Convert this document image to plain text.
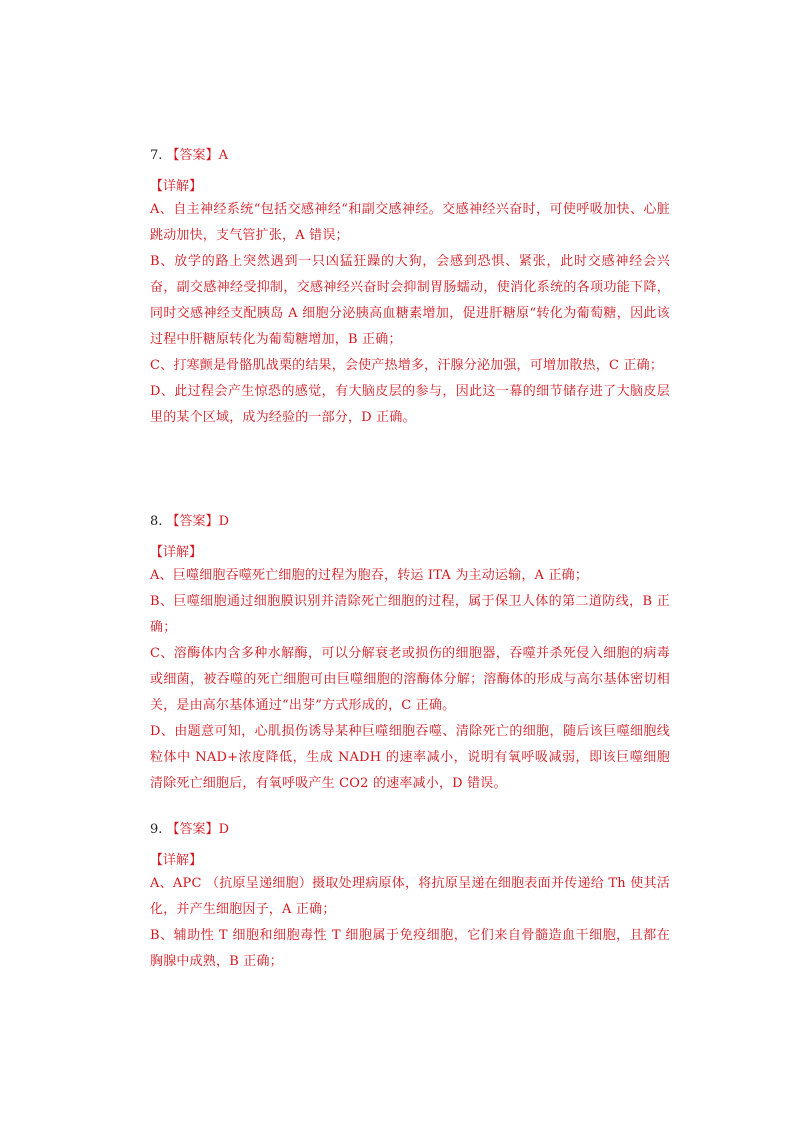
7. 【答案】A

【详解】

A、自主神经系统“包括交感神经“和副交感神经。交感神经兴奋时，可使呼吸加快、心脏跳动加快，支气管扩张，A 错误；

B、放学的路上突然遇到一只凶猛狂躁的大狗，会感到恐惧、紧张，此时交感神经会兴奋，副交感神经受抑制，交感神经兴奋时会抑制胃肠蠕动，使消化系统的各项功能下降，同时交感神经支配胰岛 A 细胞分泌胰高血糖素增加，促进肝糖原“转化为葡萄糖，因此该过程中肝糖原转化为葡萄糖增加，B 正确；

C、打寒颤是骨骼肌战栗的结果，会使产热增多，汗腺分泌加强，可增加散热，C 正确；

D、此过程会产生惊恐的感觉，有大脑皮层的参与，因此这一幕的细节储存进了大脑皮层里的某个区域，成为经验的一部分，D 正确。

8. 【答案】D

【详解】

A、巨噬细胞吞噬死亡细胞的过程为胞吞，转运 ITA 为主动运输，A 正确；

B、巨噬细胞通过细胞膜识别并清除死亡细胞的过程，属于保卫人体的第二道防线，B 正确；

C、溶酶体内含多种水解酶，可以分解衰老或损伤的细胞器，吞噬并杀死侵入细胞的病毒或细菌，被吞噬的死亡细胞可由巨噬细胞的溶酶体分解；溶酶体的形成与高尔基体密切相关，是由高尔基体通过“出芽”方式形成的，C 正确。

D、由题意可知，心肌损伤诱导某种巨噬细胞吞噬、清除死亡的细胞，随后该巨噬细胞线粒体中 NAD+浓度降低，生成 NADH 的速率减小，说明有氧呼吸减弱，即该巨噬细胞清除死亡细胞后，有氧呼吸产生 CO2 的速率减小，D 错误。

9. 【答案】D

【详解】

A、APC （抗原呈递细胞）摄取处理病原体，将抗原呈递在细胞表面并传递给 Th 使其活化，并产生细胞因子，A 正确；

B、辅助性 T 细胞和细胞毒性 T 细胞属于免疫细胞，它们来自骨髓造血干细胞，且都在胸腺中成熟，B 正确；
